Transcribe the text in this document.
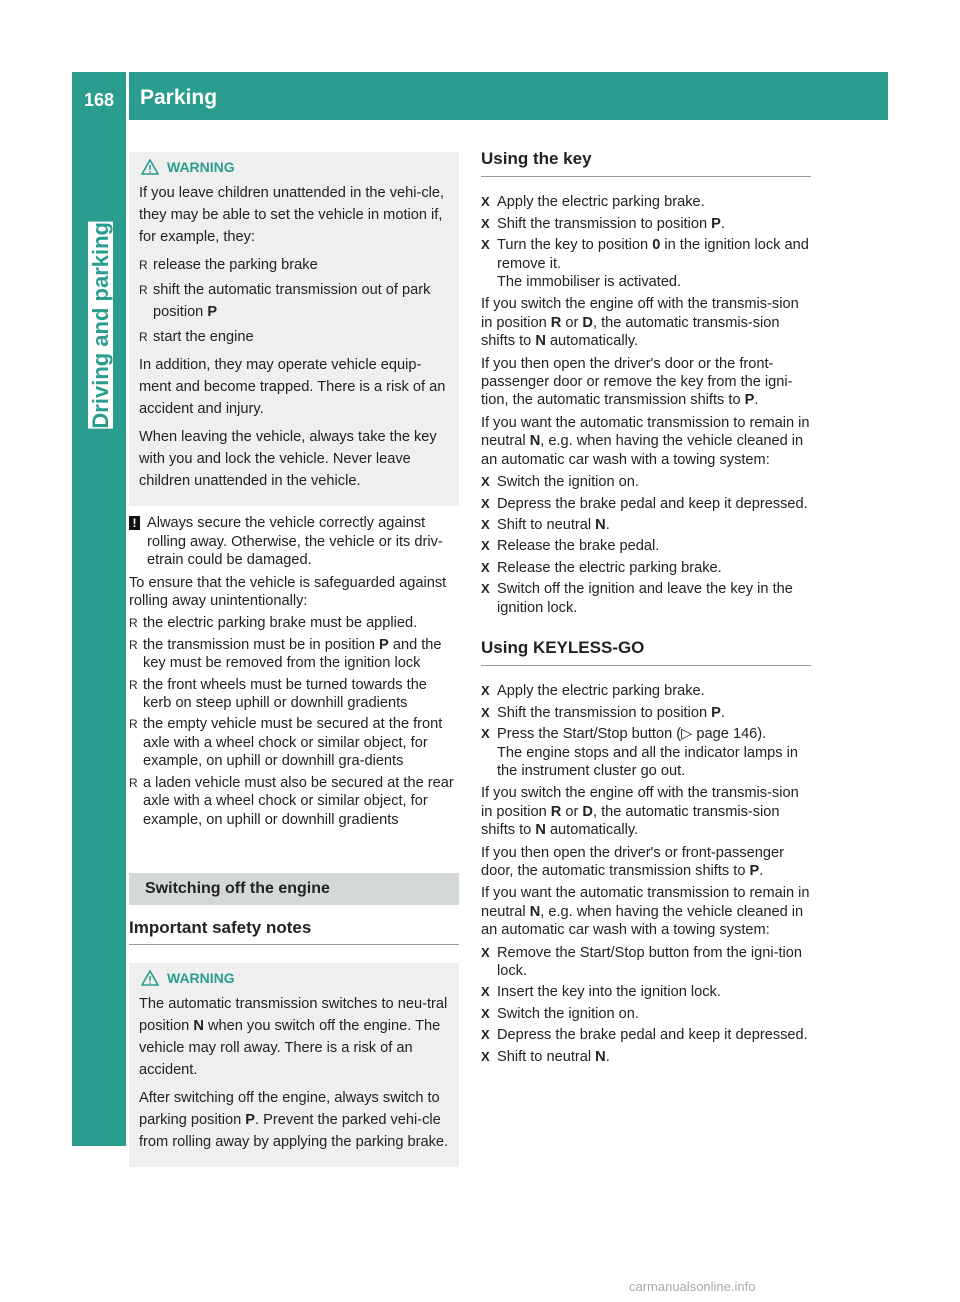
168 Parking
Driving and parking
WARNING

If you leave children unattended in the vehi-cle, they may be able to set the vehicle in motion if, for example, they:

R release the parking brake
R shift the automatic transmission out of park position P
R start the engine

In addition, they may operate vehicle equip-ment and become trapped. There is a risk of an accident and injury.

When leaving the vehicle, always take the key with you and lock the vehicle. Never leave children unattended in the vehicle.

! Always secure the vehicle correctly against rolling away. Otherwise, the vehicle or its driv-etrain could be damaged.

To ensure that the vehicle is safeguarded against rolling away unintentionally:

R the electric parking brake must be applied.
R the transmission must be in position P and the key must be removed from the ignition lock
R the front wheels must be turned towards the kerb on steep uphill or downhill gradients
R the empty vehicle must be secured at the front axle with a wheel chock or similar object, for example, on uphill or downhill gra-dients
R a laden vehicle must also be secured at the rear axle with a wheel chock or similar object, for example, on uphill or downhill gradients
Switching off the engine
Important safety notes
WARNING

The automatic transmission switches to neu-tral position N when you switch off the engine. The vehicle may roll away. There is a risk of an accident.

After switching off the engine, always switch to parking position P. Prevent the parked vehi-cle from rolling away by applying the parking brake.

Using the key
X Apply the electric parking brake.
X Shift the transmission to position P.
X Turn the key to position 0 in the ignition lock and remove it.
The immobiliser is activated.

If you switch the engine off with the transmis-sion in position R or D, the automatic transmis-sion shifts to N automatically.

If you then open the driver's door or the front-passenger door or remove the key from the igni-tion, the automatic transmission shifts to P.

If you want the automatic transmission to remain in neutral N, e.g. when having the vehicle cleaned in an automatic car wash with a towing system:

X Switch the ignition on.
X Depress the brake pedal and keep it depressed.
X Shift to neutral N.
X Release the brake pedal.
X Release the electric parking brake.
X Switch off the ignition and leave the key in the ignition lock.
Using KEYLESS-GO
X Apply the electric parking brake.
X Shift the transmission to position P.
X Press the Start/Stop button (▷ page 146).
The engine stops and all the indicator lamps in the instrument cluster go out.

If you switch the engine off with the transmis-sion in position R or D, the automatic transmis-sion shifts to N automatically.

If you then open the driver's or front-passenger door, the automatic transmission shifts to P.

If you want the automatic transmission to remain in neutral N, e.g. when having the vehicle cleaned in an automatic car wash with a towing system:

X Remove the Start/Stop button from the igni-tion lock.
X Insert the key into the ignition lock.
X Switch the ignition on.
X Depress the brake pedal and keep it depressed.
X Shift to neutral N.
carmanualsonline.info
